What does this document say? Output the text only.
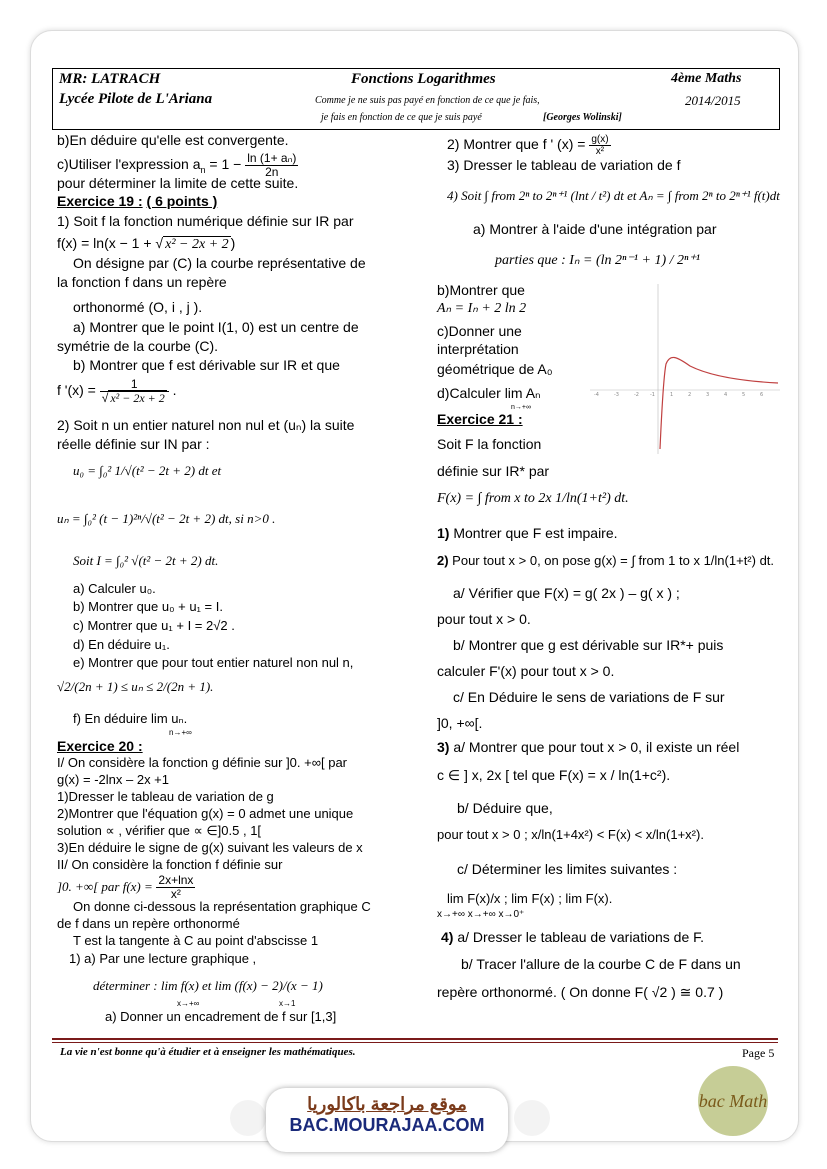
MR: LATRACH
Lycée Pilote de L'Ariana
Fonctions Logarithmes
Comme je ne suis pas payé en fonction de ce que je fais,
je fais en fonction de ce que je suis payé	[Georges Wolinski]
4ème Maths
2014/2015
b)En déduire qu'elle est convergente.
c)Utiliser l'expression $a_n = 1 - \frac{\text{ln (1+ aₙ)}}{2n}$
pour déterminer la limite de cette suite.
Exercice 19 : ( 6 points )
1) Soit f la fonction numérique définie sur IR par
f(x) = ln(x − 1 + √ x² − 2x + 2 )
On désigne par (C) la courbe représentative de
la fonction f dans un repère
orthonormé (O, i , j ).
a) Montrer que le point I(1, 0) est un centre de
symétrie de la courbe (C).
b) Montrer que f est dérivable sur IR et que
f '$(x) = \frac{1}{\text{√ x² − 2x + 2}}$ .
2) Soit n un entier naturel non nul et (uₙ) la suite
réelle définie sur IN par :
u₀ = ∫₀² 1/√(t² − 2t + 2) dt et
uₙ = ∫₀² (t − 1)²ⁿ/√(t² − 2t + 2) dt, si n>0 .
Soit I = ∫₀² √(t² − 2t + 2) dt.
a) Calculer u₀.
b) Montrer que u₀ + u₁ = I.
c) Montrer que u₁ + I = 2√2 .
d) En déduire u₁.
e) Montrer que pour tout entier naturel non nul n,
√2/(2n + 1) ≤ uₙ ≤ 2/(2n + 1).
f) En déduire lim uₙ.
n→+∞
Exercice 20 :
I/ On considère la fonction g définie sur ]0. +∞[ par
g(x) = -2lnx – 2x +1
1)Dresser le tableau de variation de g
2)Montrer que l'équation g(x) = 0 admet une unique
solution ∝ , vérifier que ∝ ∈]0.5 , 1[
3)En déduire le signe de g(x) suivant les valeurs de x
II/ On considère la fonction f définie sur
]0. +∞[ par $f(x) = \frac{2x+\ln x}{\text{x²}}$
On donne ci-dessous la représentation graphique C
de f dans un repère orthonormé
T est la tangente à C au point d'abscisse 1
1) a) Par une lecture graphique ,
déterminer : lim f(x) et lim (f(x) − 2)/(x − 1)
x→+∞	x→1
a) Donner un encadrement de f sur [1,3]
2) Montrer que f ' $(x) = \frac{g(x)}{\text{x²}}$
3) Dresser le tableau de variation de f
4) Soit ∫ from 2ⁿ to 2ⁿ⁺¹ (lnt / t²) dt et Aₙ = ∫ from 2ⁿ to 2ⁿ⁺¹ f(t)dt
a) Montrer à l'aide d'une intégration par
parties que : Iₙ = (ln 2ⁿ⁻¹ + 1) / 2ⁿ⁺¹
b)Montrer que
Aₙ = Iₙ + 2 ln 2
c)Donner une
interprétation
géométrique de A₀
d)Calculer lim Aₙ
n→+∞
Exercice 21 :
Soit F la fonction
définie sur IR* par
F(x) = ∫ from x to 2x 1/ln(1+t²) dt.
1) Montrer que F est impaire.
2) Pour tout x > 0, on pose g(x) = ∫ from 1 to x 1/ln(1+t²) dt.
a/ Vérifier que F(x) = g( 2x ) – g( x ) ;
pour tout x > 0.
b/ Montrer que g est dérivable sur IR*+ puis
calculer F'(x) pour tout x > 0.
c/ En Déduire le sens de variations de F sur
]0, +∞[.
3) a/ Montrer que pour tout x > 0, il existe un réel
c ∈ ] x, 2x [ tel que F(x) = x / ln(1+c²).
b/ Déduire que,
pour tout x > 0 ; x/ln(1+4x²) < F(x) < x/ln(1+x²).
c/ Déterminer les limites suivantes :
lim F(x)/x ; lim F(x) ; lim F(x).
x→+∞ x→+∞ x→0⁺
4) a/ Dresser le tableau de variations de F.
b/ Tracer l'allure de la courbe C de F dans un
repère orthonormé. ( On donne F( √2 ) ≅ 0.7 )
-4	-3	-2 -1	1	2	3	4	5	6
La vie n'est bonne qu'à étudier et à enseigner les mathématiques.	Page 5
موقع مراجعة باكالوريا
BAC.MOURAJAA.COM
bac Math
